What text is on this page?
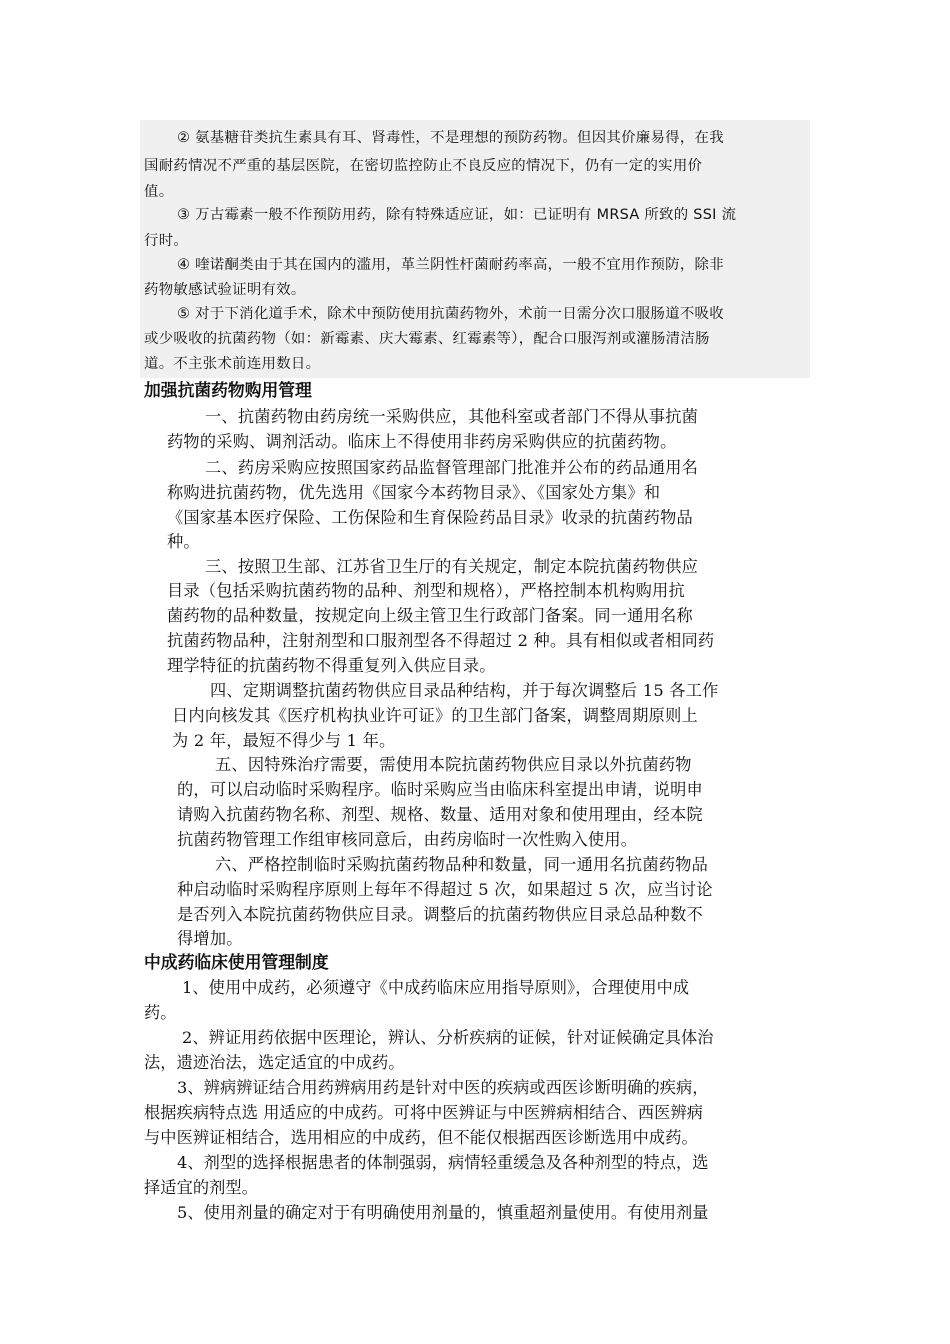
② 氨基糖苷类抗生素具有耳、肾毒性，不是理想的预防药物。但因其价廉易得，在我
国耐药情况不严重的基层医院，在密切监控防止不良反应的情况下，仍有一定的实用价
值。
③ 万古霉素一般不作预防用药，除有特殊适应证，如：已证明有 MRSA 所致的 SSI 流
行时。
④ 喹诺酮类由于其在国内的滥用，革兰阴性杆菌耐药率高，一般不宜用作预防，除非
药物敏感试验证明有效。
⑤ 对于下消化道手术，除术中预防使用抗菌药物外，术前一日需分次口服肠道不吸收
或少吸收的抗菌药物（如：新霉素、庆大霉素、红霉素等），配合口服泻剂或灌肠清洁肠
道。不主张术前连用数日。
加强抗菌药物购用管理
一、抗菌药物由药房统一采购供应，其他科室或者部门不得从事抗菌
药物的采购、调剂活动。临床上不得使用非药房采购供应的抗菌药物。
二、药房采购应按照国家药品监督管理部门批准并公布的药品通用名
称购进抗菌药物，优先选用《国家今本药物目录》、《国家处方集》和
《国家基本医疗保险、工伤保险和生育保险药品目录》收录的抗菌药物品
种。
三、按照卫生部、江苏省卫生厅的有关规定，制定本院抗菌药物供应
目录（包括采购抗菌药物的品种、剂型和规格），严格控制本机构购用抗
菌药物的品种数量，按规定向上级主管卫生行政部门备案。同一通用名称
抗菌药物品种，注射剂型和口服剂型各不得超过 2 种。具有相似或者相同药
理学特征的抗菌药物不得重复列入供应目录。
四、定期调整抗菌药物供应目录品种结构，并于每次调整后 15 各工作
日内向核发其《医疗机构执业许可证》的卫生部门备案，调整周期原则上
为 2 年，最短不得少与 1 年。
五、因特殊治疗需要，需使用本院抗菌药物供应目录以外抗菌药物
的，可以启动临时采购程序。临时采购应当由临床科室提出申请，说明申
请购入抗菌药物名称、剂型、规格、数量、适用对象和使用理由，经本院
抗菌药物管理工作组审核同意后，由药房临时一次性购入使用。
六、严格控制临时采购抗菌药物品种和数量，同一通用名抗菌药物品
种启动临时采购程序原则上每年不得超过 5 次，如果超过 5 次，应当讨论
是否列入本院抗菌药物供应目录。调整后的抗菌药物供应目录总品种数不
得增加。
中成药临床使用管理制度
1、使用中成药，必须遵守《中成药临床应用指导原则》，合理使用中成
药。
2、辨证用药依据中医理论，辨认、分析疾病的证候，针对证候确定具体治
法，遗迹治法，选定适宜的中成药。
3、辨病辨证结合用药辨病用药是针对中医的疾病或西医诊断明确的疾病，
根据疾病特点选 用适应的中成药。可将中医辨证与中医辨病相结合、西医辨病
与中医辨证相结合，选用相应的中成药，但不能仅根据西医诊断选用中成药。
4、剂型的选择根据患者的体制强弱，病情轻重缓急及各种剂型的特点，选
择适宜的剂型。
5、使用剂量的确定对于有明确使用剂量的，慎重超剂量使用。有使用剂量
